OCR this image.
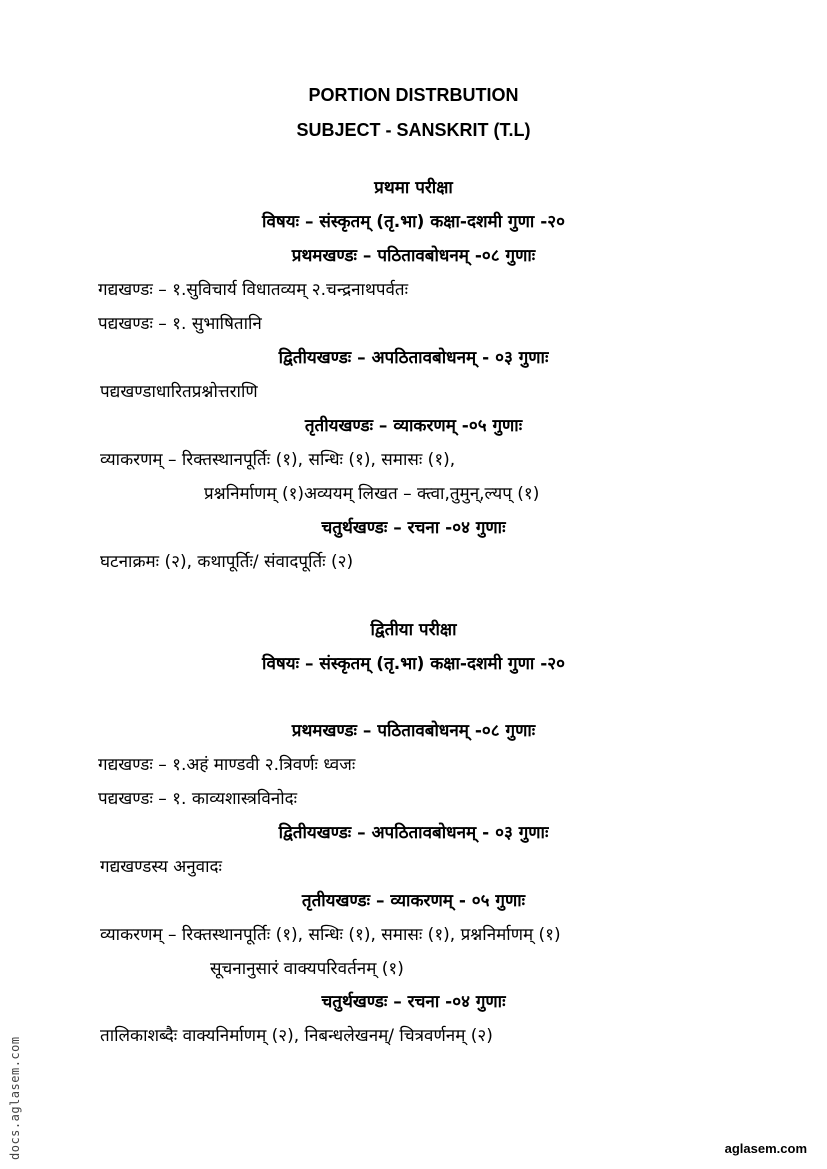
PORTION DISTRBUTION
SUBJECT - SANSKRIT (T.L)
प्रथमा परीक्षा
विषयः – संस्कृतम् (तृ.भा) कक्षा-दशमी गुणा -२०
प्रथमखण्डः – पठितावबोधनम् -०८ गुणाः
गद्यखण्डः – १.सुविचार्य विधातव्यम् २.चन्द्रनाथपर्वतः
पद्यखण्डः – १. सुभाषितानि
द्वितीयखण्डः – अपठितावबोधनम् - ०३ गुणाः
पद्यखण्डाधारितप्रश्नोत्तराणि
तृतीयखण्डः – व्याकरणम् -०५ गुणाः
व्याकरणम् – रिक्तस्थानपूर्तिः (१), सन्धिः (१), समासः (१),
प्रश्ननिर्माणम् (१)अव्ययम् लिखत – क्त्वा,तुमुन्,ल्यप् (१)
चतुर्थखण्डः – रचना -०४ गुणाः
घटनाक्रमः (२), कथापूर्तिः/ संवादपूर्तिः (२)
द्वितीया परीक्षा
विषयः – संस्कृतम् (तृ.भा) कक्षा-दशमी गुणा -२०
प्रथमखण्डः – पठितावबोधनम् -०८ गुणाः
गद्यखण्डः – १.अहं माण्डवी २.त्रिवर्णः ध्वजः
पद्यखण्डः – १. काव्यशास्त्रविनोदः
द्वितीयखण्डः – अपठितावबोधनम् - ०३ गुणाः
गद्यखण्डस्य अनुवादः
तृतीयखण्डः – व्याकरणम् - ०५ गुणाः
व्याकरणम् – रिक्तस्थानपूर्तिः (१), सन्धिः (१), समासः (१), प्रश्ननिर्माणम् (१)
सूचनानुसारं वाक्यपरिवर्तनम् (१)
चतुर्थखण्डः – रचना -०४ गुणाः
तालिकाशब्दैः वाक्यनिर्माणम् (२), निबन्धलेखनम्/ चित्रवर्णनम् (२)
docs.aglasem.com	aglasem.com
